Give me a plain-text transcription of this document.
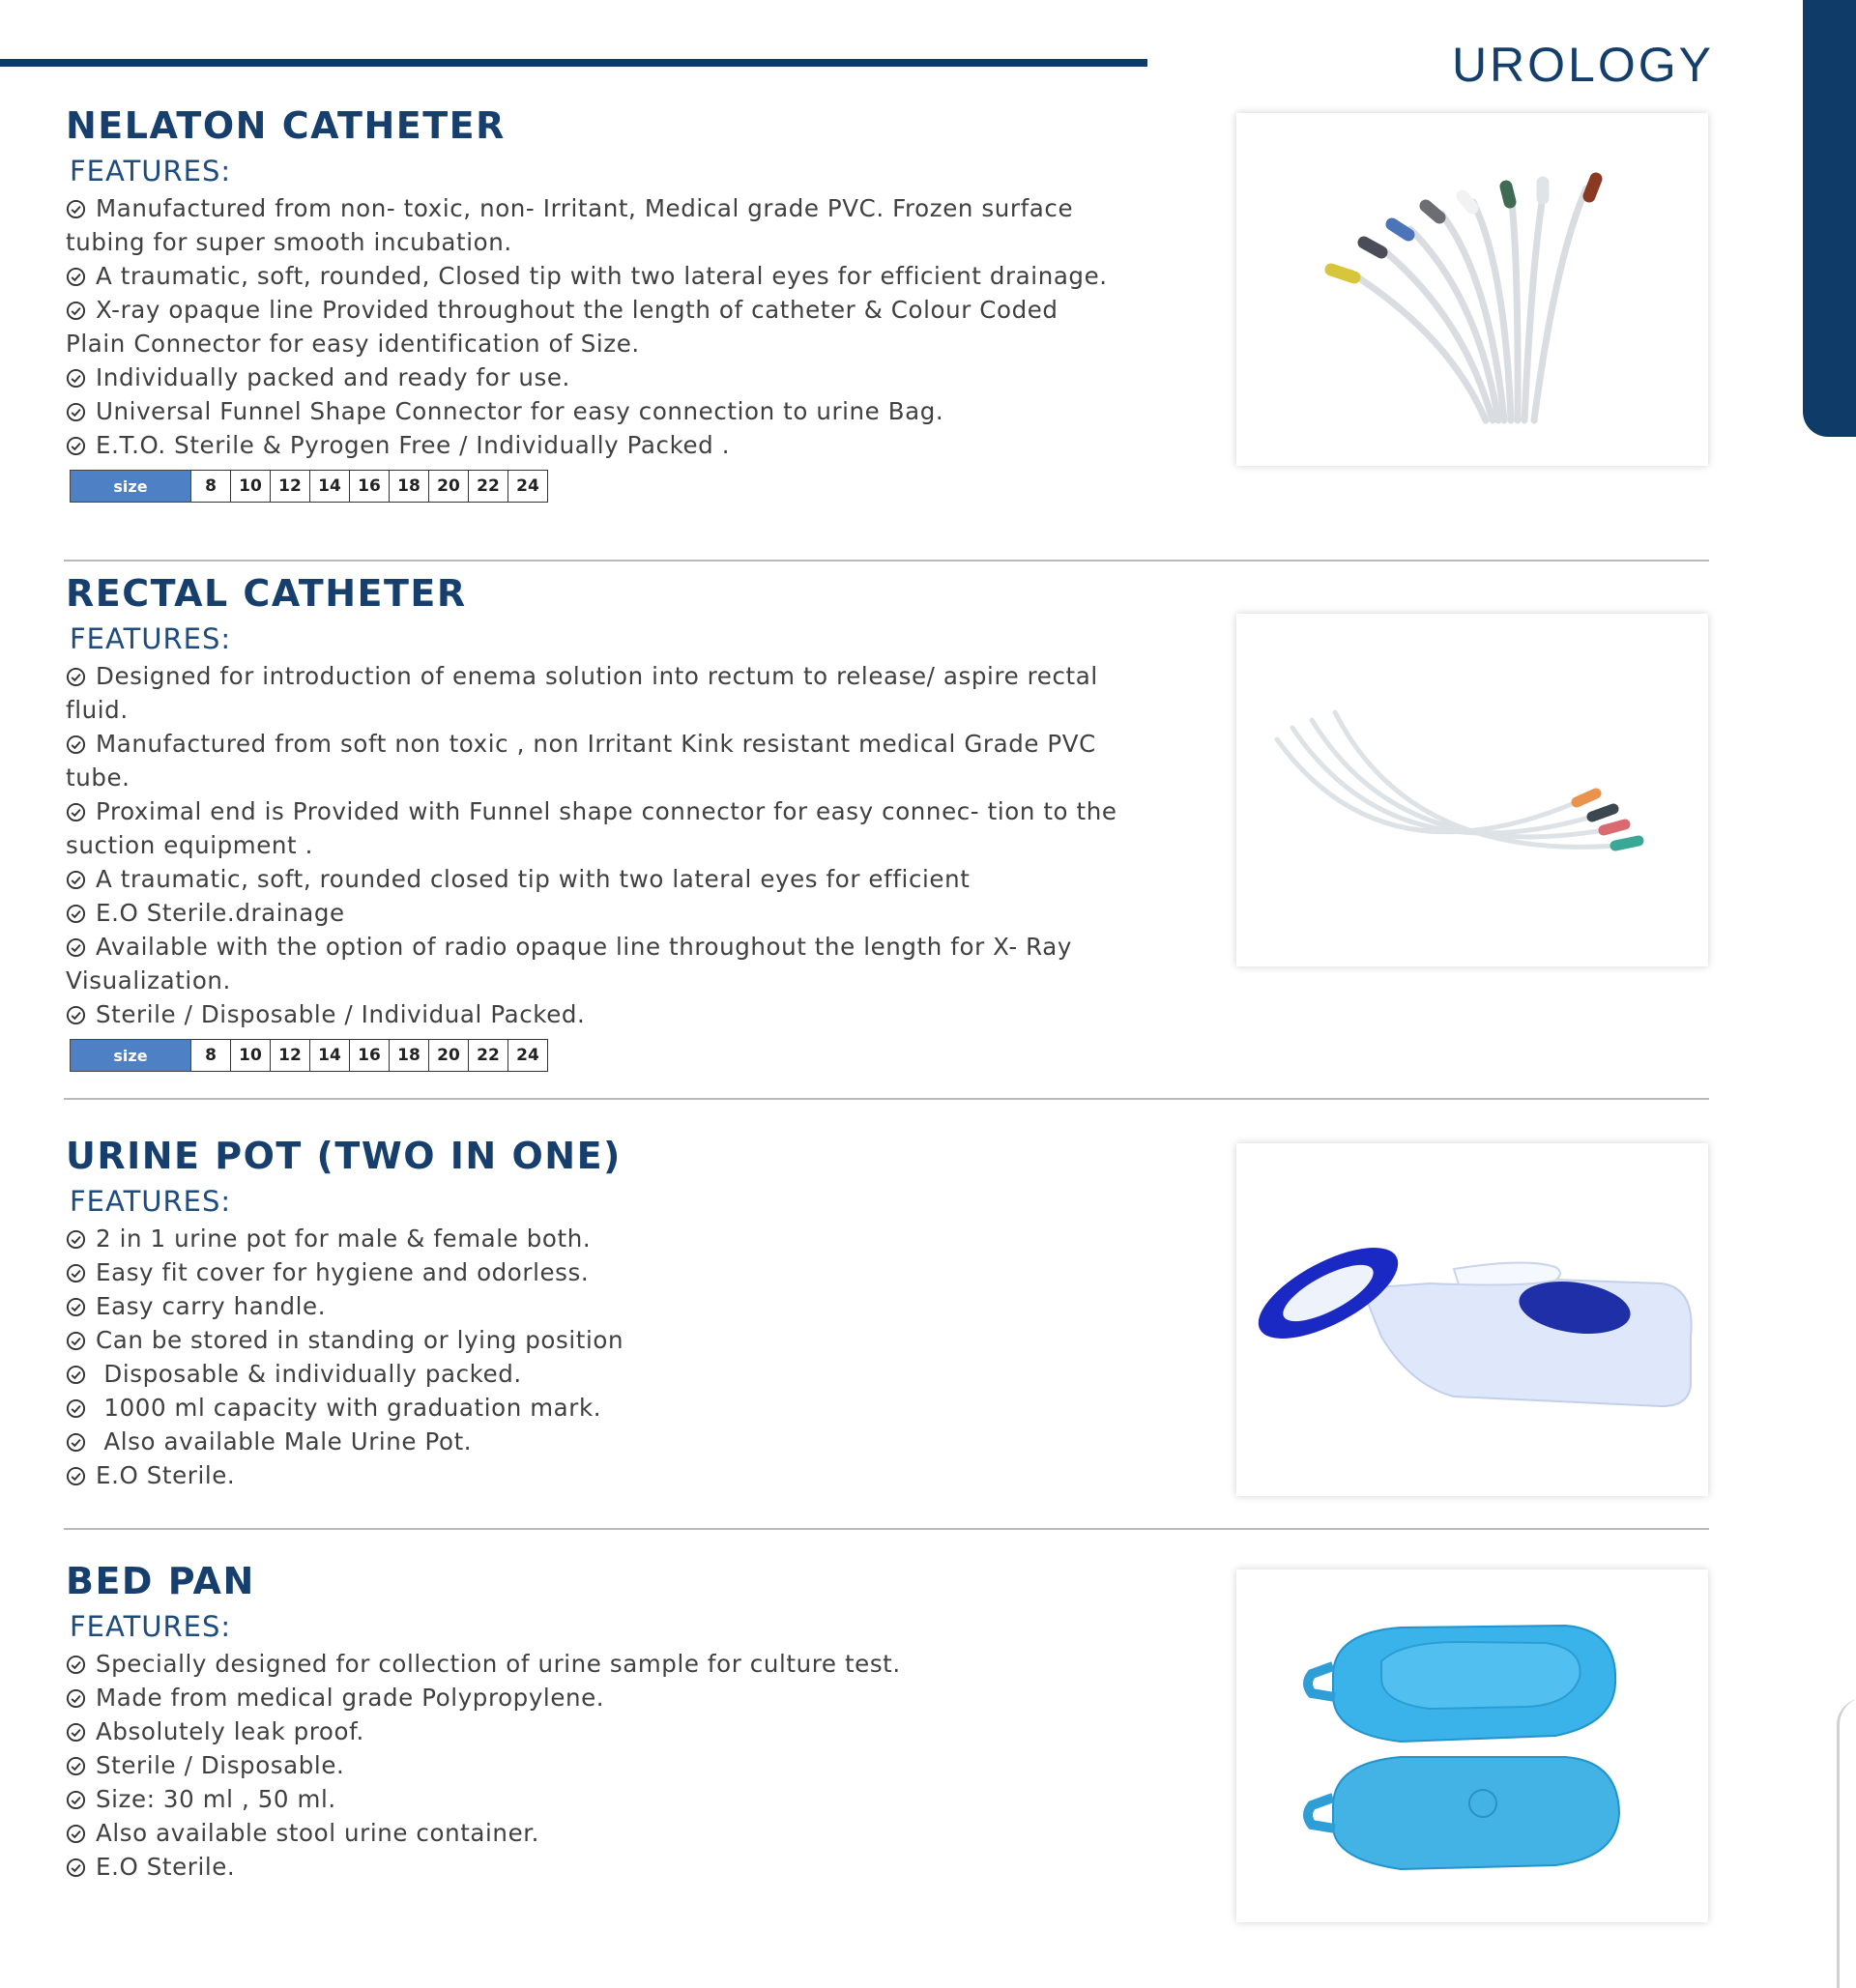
UROLOGY
NELATON CATHETER
FEATURES:
Manufactured from non- toxic, non- Irritant, Medical grade PVC. Frozen surface tubing for super smooth incubation.
A traumatic, soft, rounded, Closed tip with two lateral eyes for efficient drainage.
X-ray opaque line Provided throughout the length of catheter & Colour Coded Plain Connector for easy identification of Size.
Individually packed and ready for use.
Universal Funnel Shape Connector for easy connection to urine Bag.
E.T.O. Sterile & Pyrogen Free / Individually Packed .
size	8	10	12	14	16	18	20	22	24
RECTAL CATHETER
FEATURES:
Designed for introduction of enema solution into rectum to release/ aspire rectal fluid.
Manufactured from soft non toxic , non Irritant Kink resistant medical Grade PVC tube.
Proximal end is Provided with Funnel shape connector for easy connec- tion to the suction equipment .
A traumatic, soft, rounded closed tip with two lateral eyes for efficient
E.O Sterile.drainage
Available with the option of radio opaque line throughout the length for X- Ray Visualization.
Sterile / Disposable / Individual Packed.
size	8	10	12	14	16	18	20	22	24
URINE POT (TWO IN ONE)
FEATURES:
2 in 1 urine pot for male & female both.
Easy fit cover for hygiene and odorless.
Easy carry handle.
Can be stored in standing or lying position
Disposable & individually packed.
1000 ml capacity with graduation mark.
Also available Male Urine Pot.
E.O Sterile.
BED PAN
FEATURES:
Specially designed for collection of urine sample for culture test.
Made from medical grade Polypropylene.
Absolutely leak proof.
Sterile / Disposable.
Size: 30 ml , 50 ml.
Also available stool urine container.
E.O Sterile.
